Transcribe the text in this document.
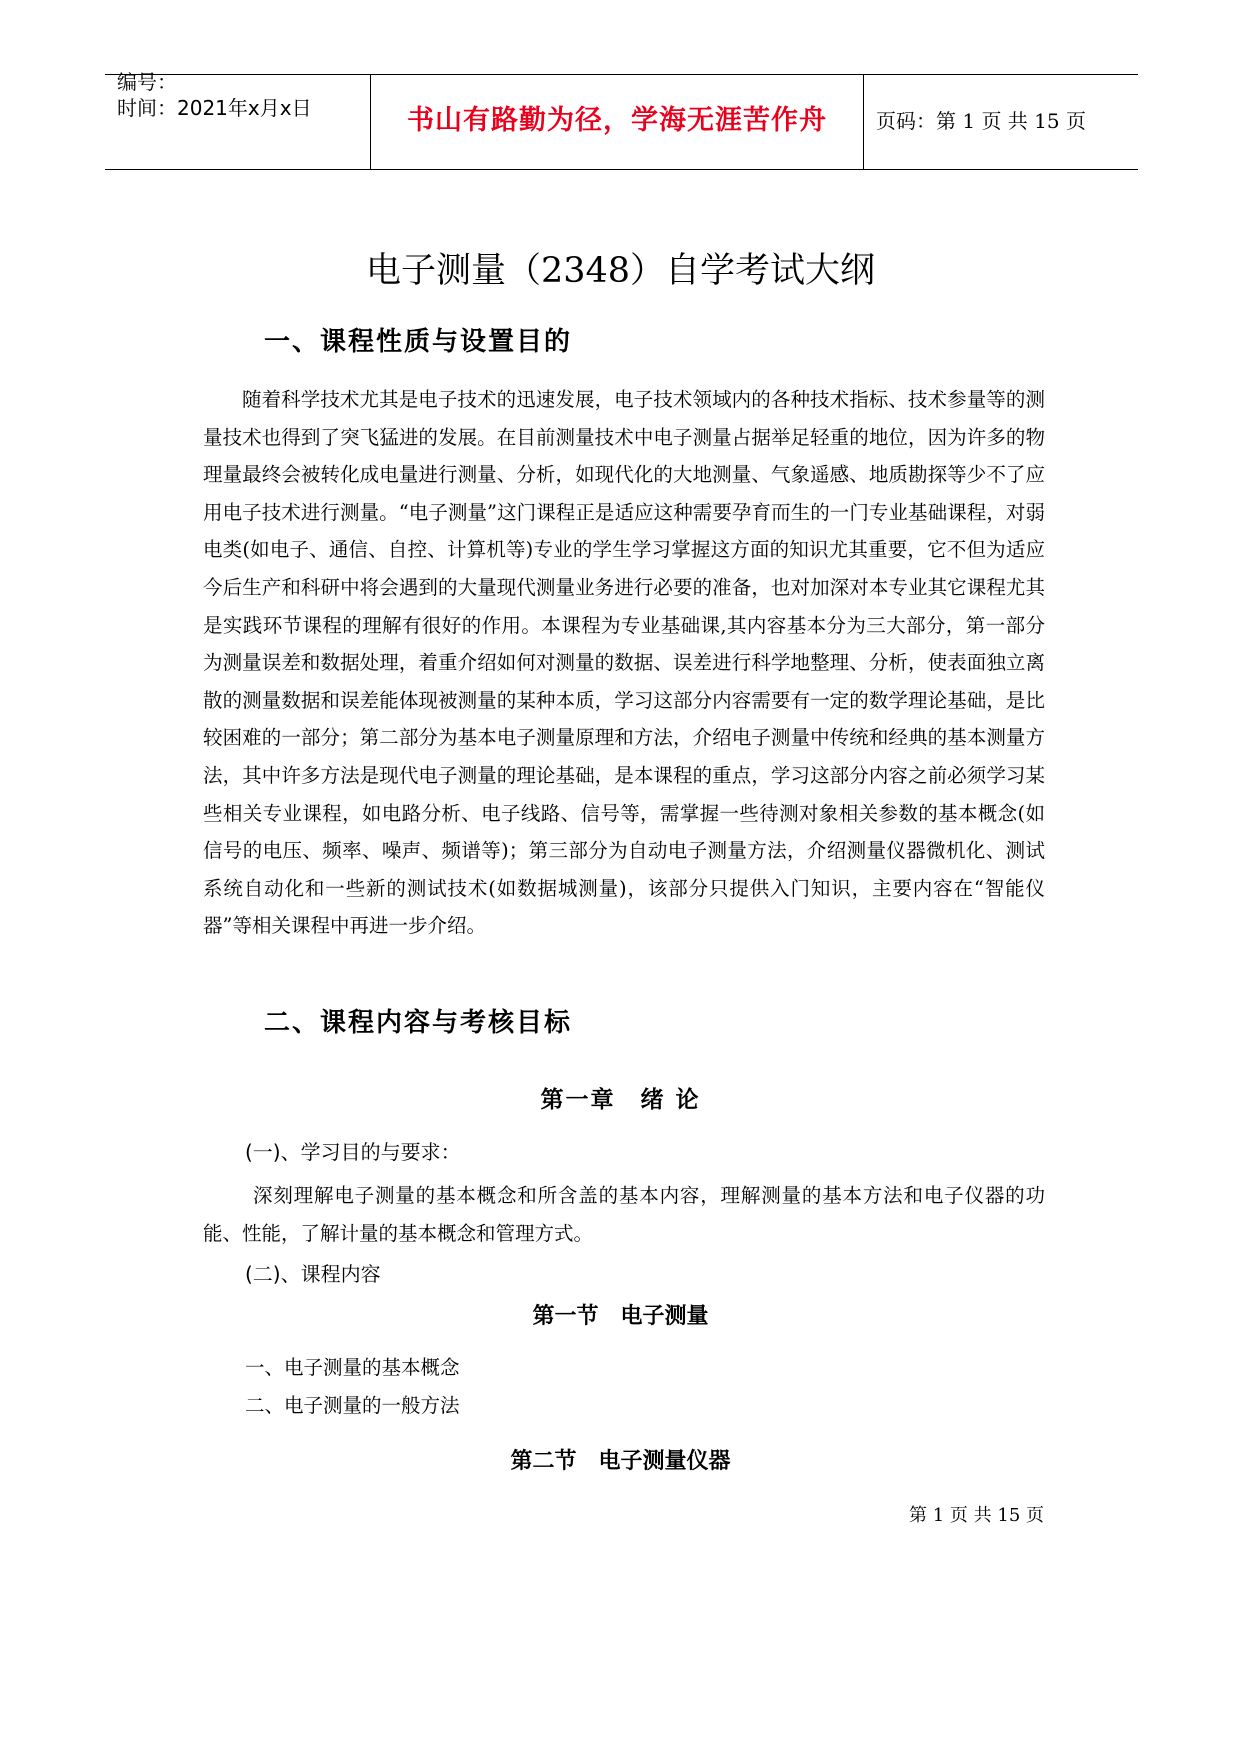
编号：
时间：2021年x月x日	书山有路勤为径，学海无涯苦作舟	页码：第 1 页 共 15 页
电子测量（2348）自学考试大纲
一、课程性质与设置目的

随着科学技术尤其是电子技术的迅速发展，电子技术领域内的各种技术指标、技术参量等的测量技术也得到了突飞猛进的发展。在目前测量技术中电子测量占据举足轻重的地位，因为许多的物理量最终会被转化成电量进行测量、分析，如现代化的大地测量、气象遥感、地质勘探等少不了应用电子技术进行测量。“电子测量”这门课程正是适应这种需要孕育而生的一门专业基础课程，对弱电类(如电子、通信、自控、计算机等)专业的学生学习掌握这方面的知识尤其重要，它不但为适应今后生产和科研中将会遇到的大量现代测量业务进行必要的准备，也对加深对本专业其它课程尤其是实践环节课程的理解有很好的作用。本课程为专业基础课,其内容基本分为三大部分，第一部分为测量误差和数据处理，着重介绍如何对测量的数据、误差进行科学地整理、分析，使表面独立离散的测量数据和误差能体现被测量的某种本质，学习这部分内容需要有一定的数学理论基础，是比较困难的一部分；第二部分为基本电子测量原理和方法，介绍电子测量中传统和经典的基本测量方法，其中许多方法是现代电子测量的理论基础，是本课程的重点，学习这部分内容之前必须学习某些相关专业课程，如电路分析、电子线路、信号等，需掌握一些待测对象相关参数的基本概念(如信号的电压、频率、噪声、频谱等)；第三部分为自动电子测量方法，介绍测量仪器微机化、测试系统自动化和一些新的测试技术(如数据城测量)，该部分只提供入门知识，主要内容在“智能仪器”等相关课程中再进一步介绍。

二、课程内容与考核目标
第一章　绪 论
(一)、学习目的与要求：

深刻理解电子测量的基本概念和所含盖的基本内容，理解测量的基本方法和电子仪器的功能、性能，了解计量的基本概念和管理方式。

(二)、课程内容
第一节　电子测量
一、电子测量的基本概念
二、电子测量的一般方法
第二节　电子测量仪器
第 1 页 共 15 页
